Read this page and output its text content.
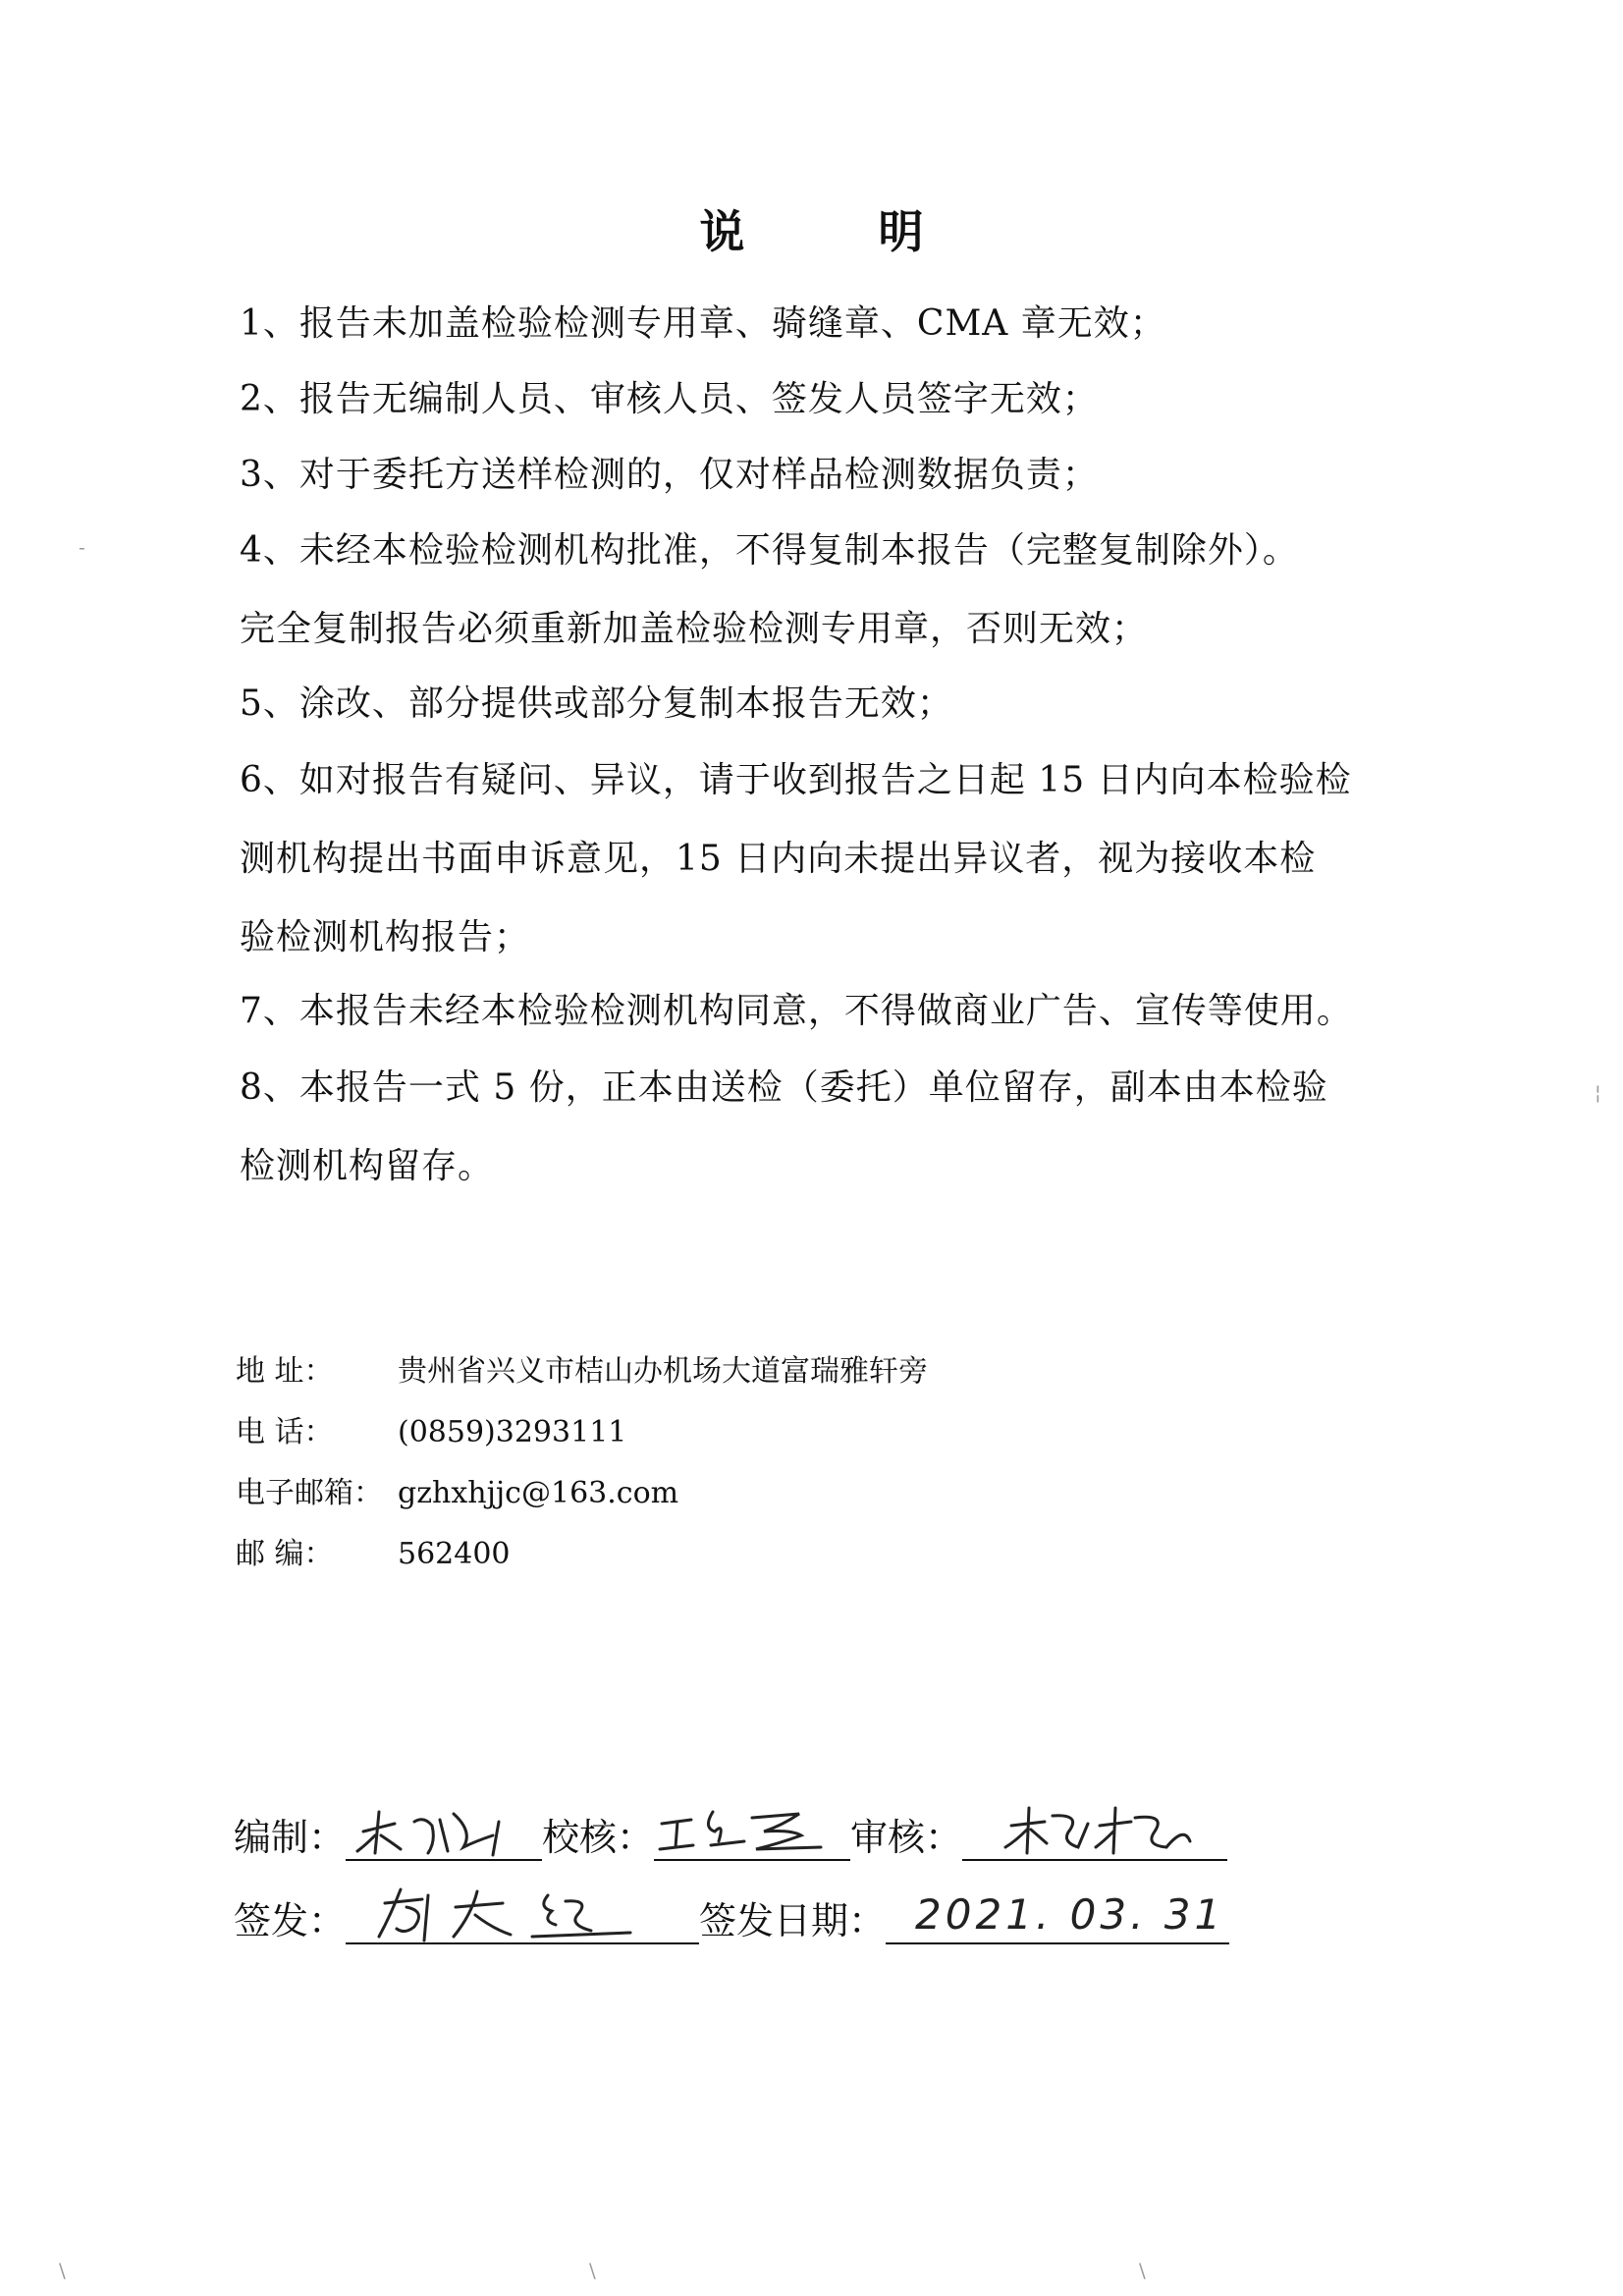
说 明
1、报告未加盖检验检测专用章、骑缝章、CMA 章无效；
2、报告无编制人员、审核人员、签发人员签字无效；
3、对于委托方送样检测的，仅对样品检测数据负责；
4、未经本检验检测机构批准，不得复制本报告（完整复制除外）。
完全复制报告必须重新加盖检验检测专用章，否则无效；
5、涂改、部分提供或部分复制本报告无效；
6、如对报告有疑问、异议，请于收到报告之日起 15 日内向本检验检
测机构提出书面申诉意见，15 日内向未提出异议者，视为接收本检
验检测机构报告；
7、本报告未经本检验检测机构同意，不得做商业广告、宣传等使用。
8、本报告一式 5 份，正本由送检（委托）单位留存，副本由本检验
检测机构留存。
地 址： 贵州省兴义市桔山办机场大道富瑞雅轩旁
电 话： (0859)3293111
电子邮箱： gzhxhjjc@163.com
邮 编： 562400
编制：	校核：	审核：
签发：	签发日期： 2021. 03. 31
-
¦
\	\	\
